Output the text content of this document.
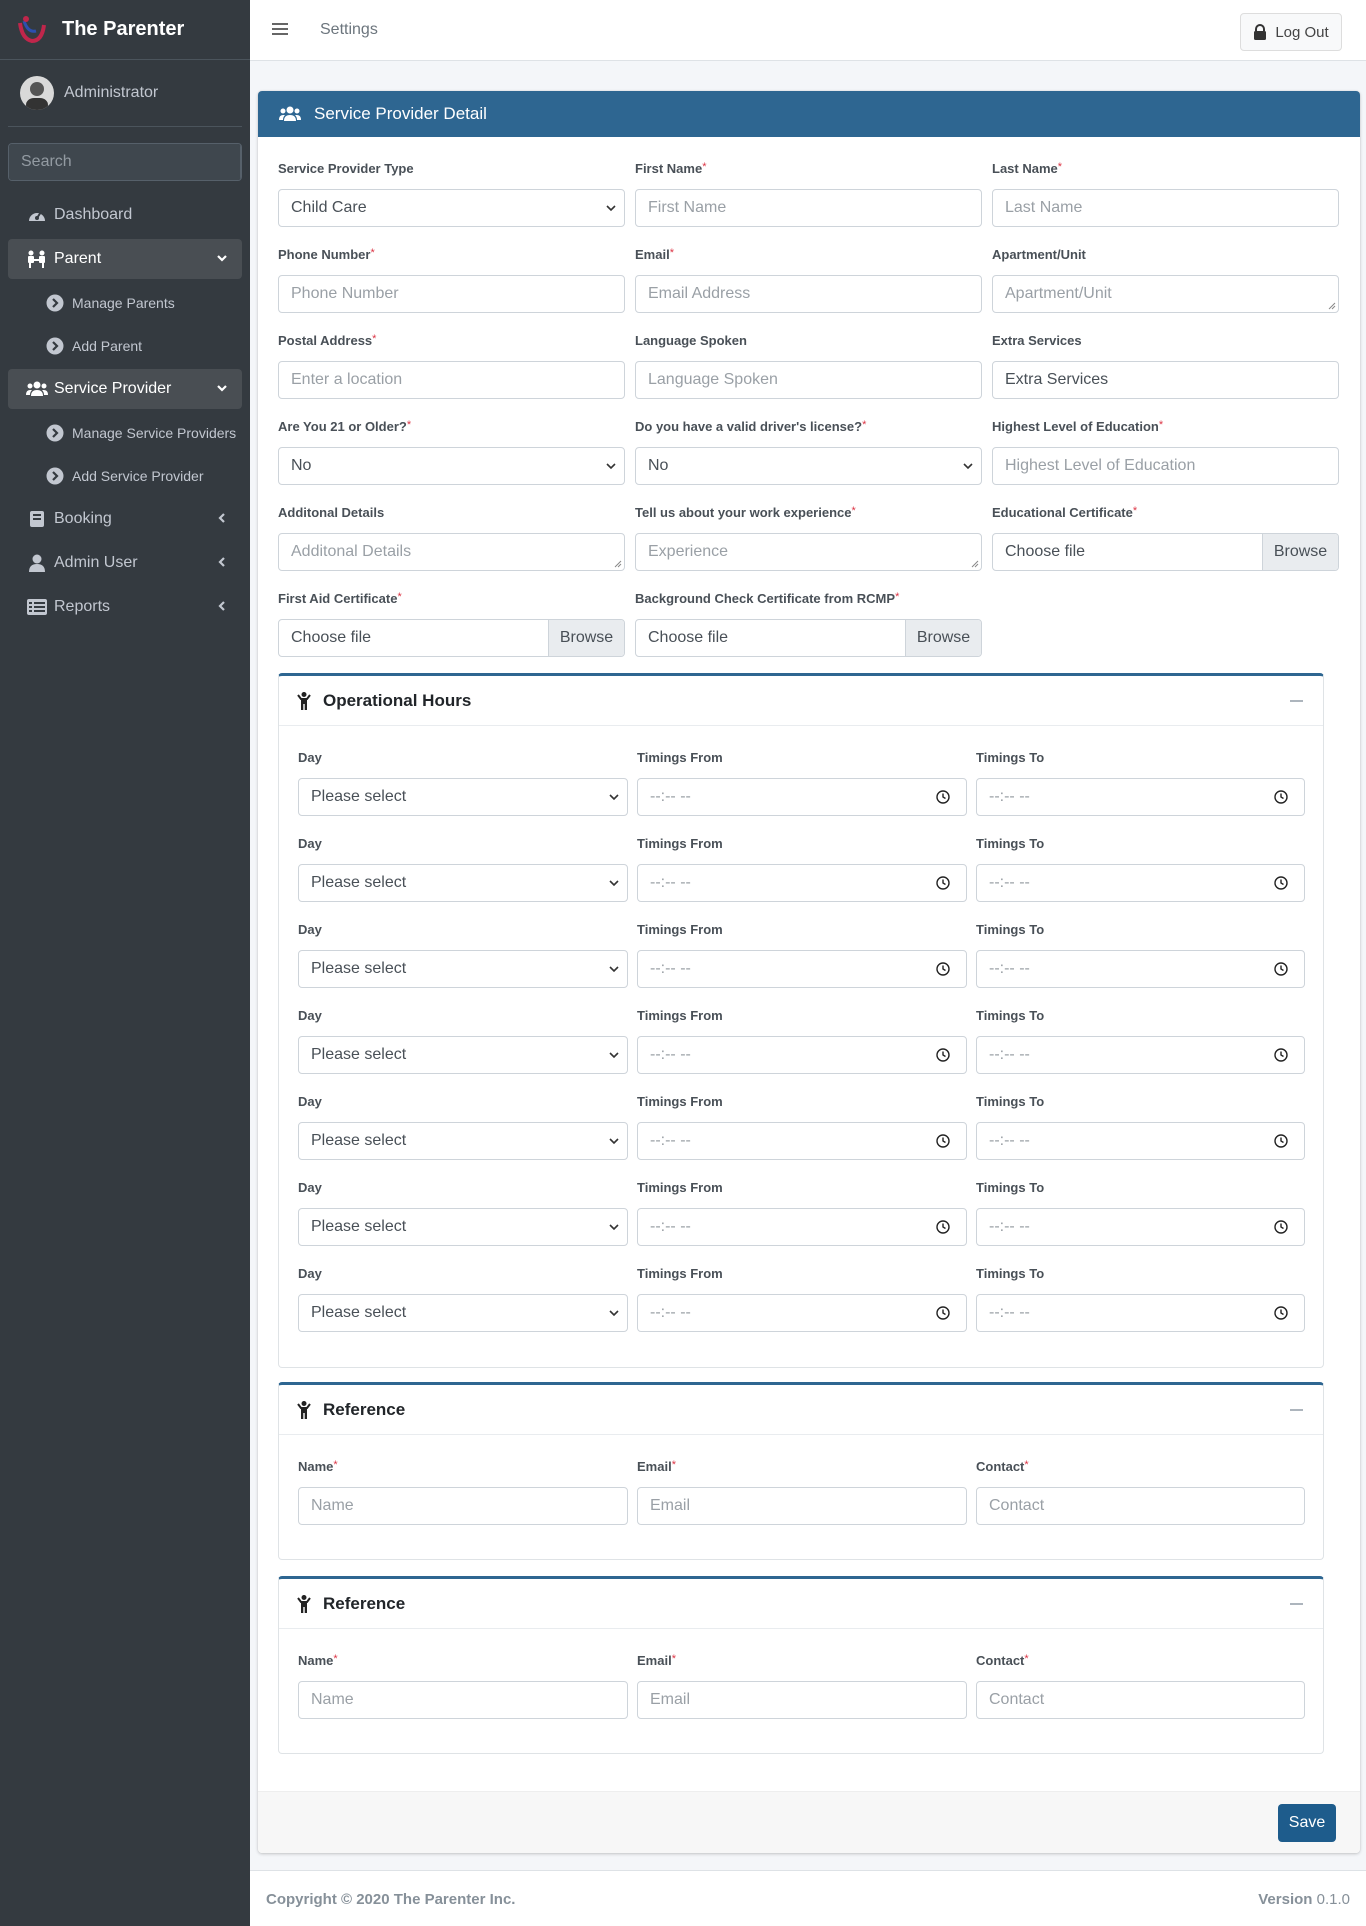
The Parenter
Administrator
Search
Dashboard
Parent
Manage Parents
Add Parent
Service Provider
Manage Service Providers
Add Service Provider
Booking
Admin User
Reports
Settings	Log Out
Service Provider Detail
Service Provider Type
Child Care
First Name*
First Name
Last Name*
Last Name
Phone Number*
Phone Number
Email*
Email Address
Apartment/Unit
Apartment/Unit
Postal Address*
Enter a location
Language Spoken
Language Spoken
Extra Services
Extra Services
Are You 21 or Older?*
No
Do you have a valid driver's license?*
No
Highest Level of Education*
Highest Level of Education
Additonal Details
Additonal Details
Tell us about your work experience*
Experience
Educational Certificate*
Choose file	Browse
First Aid Certificate*
Choose file	Browse
Background Check Certificate from RCMP*
Choose file	Browse
Operational Hours
Day
Please select
Timings From
--:-- --
Timings To
--:-- --
Day
Please select
Timings From
--:-- --
Timings To
--:-- --
Day
Please select
Timings From
--:-- --
Timings To
--:-- --
Day
Please select
Timings From
--:-- --
Timings To
--:-- --
Day
Please select
Timings From
--:-- --
Timings To
--:-- --
Day
Please select
Timings From
--:-- --
Timings To
--:-- --
Day
Please select
Timings From
--:-- --
Timings To
--:-- --
Reference
Name*
Name
Email*
Email
Contact*
Contact
Reference
Name*
Name
Email*
Email
Contact*
Contact
Save
Copyright © 2020 The Parenter Inc.	Version 0.1.0
